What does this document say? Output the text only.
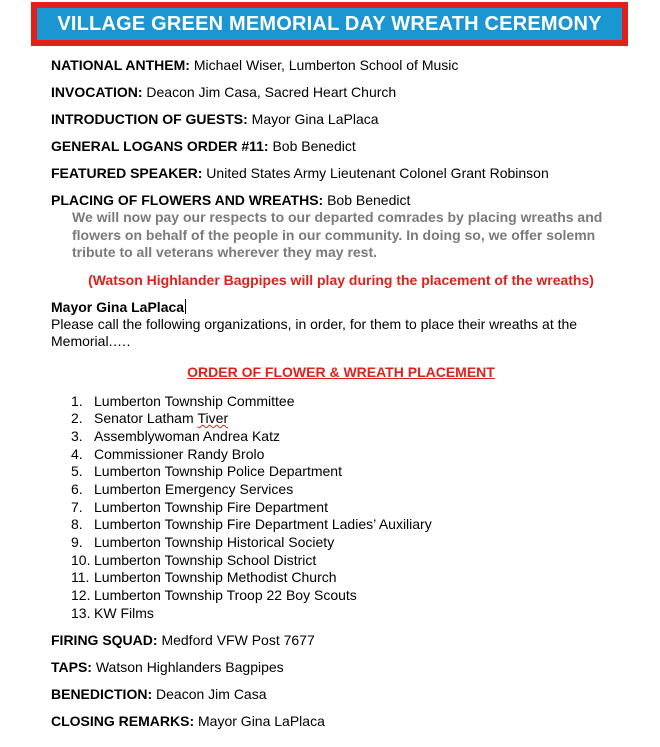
VILLAGE GREEN MEMORIAL DAY WREATH CEREMONY
NATIONAL ANTHEM: Michael Wiser, Lumberton School of Music
INVOCATION: Deacon Jim Casa, Sacred Heart Church
INTRODUCTION OF GUESTS: Mayor Gina LaPlaca
GENERAL LOGANS ORDER #11: Bob Benedict
FEATURED SPEAKER: United States Army Lieutenant Colonel Grant Robinson
PLACING OF FLOWERS AND WREATHS: Bob Benedict

We will now pay our respects to our departed comrades by placing wreaths and flowers on behalf of the people in our community. In doing so, we offer solemn tribute to all veterans wherever they may rest.

(Watson Highlander Bagpipes will play during the placement of the wreaths)

Mayor Gina LaPlaca

Please call the following organizations, in order, for them to place their wreaths at the Memorial.….

ORDER OF FLOWER & WREATH PLACEMENT

1. Lumberton Township Committee
2. Senator Latham Tiver
3. Assemblywoman Andrea Katz
4. Commissioner Randy Brolo
5. Lumberton Township Police Department
6. Lumberton Emergency Services
7. Lumberton Township Fire Department
8. Lumberton Township Fire Department Ladies’ Auxiliary
9. Lumberton Township Historical Society
10. Lumberton Township School District
11. Lumberton Township Methodist Church
12. Lumberton Township Troop 22 Boy Scouts
13. KW Films
FIRING SQUAD: Medford VFW Post 7677
TAPS: Watson Highlanders Bagpipes
BENEDICTION: Deacon Jim Casa
CLOSING REMARKS: Mayor Gina LaPlaca
